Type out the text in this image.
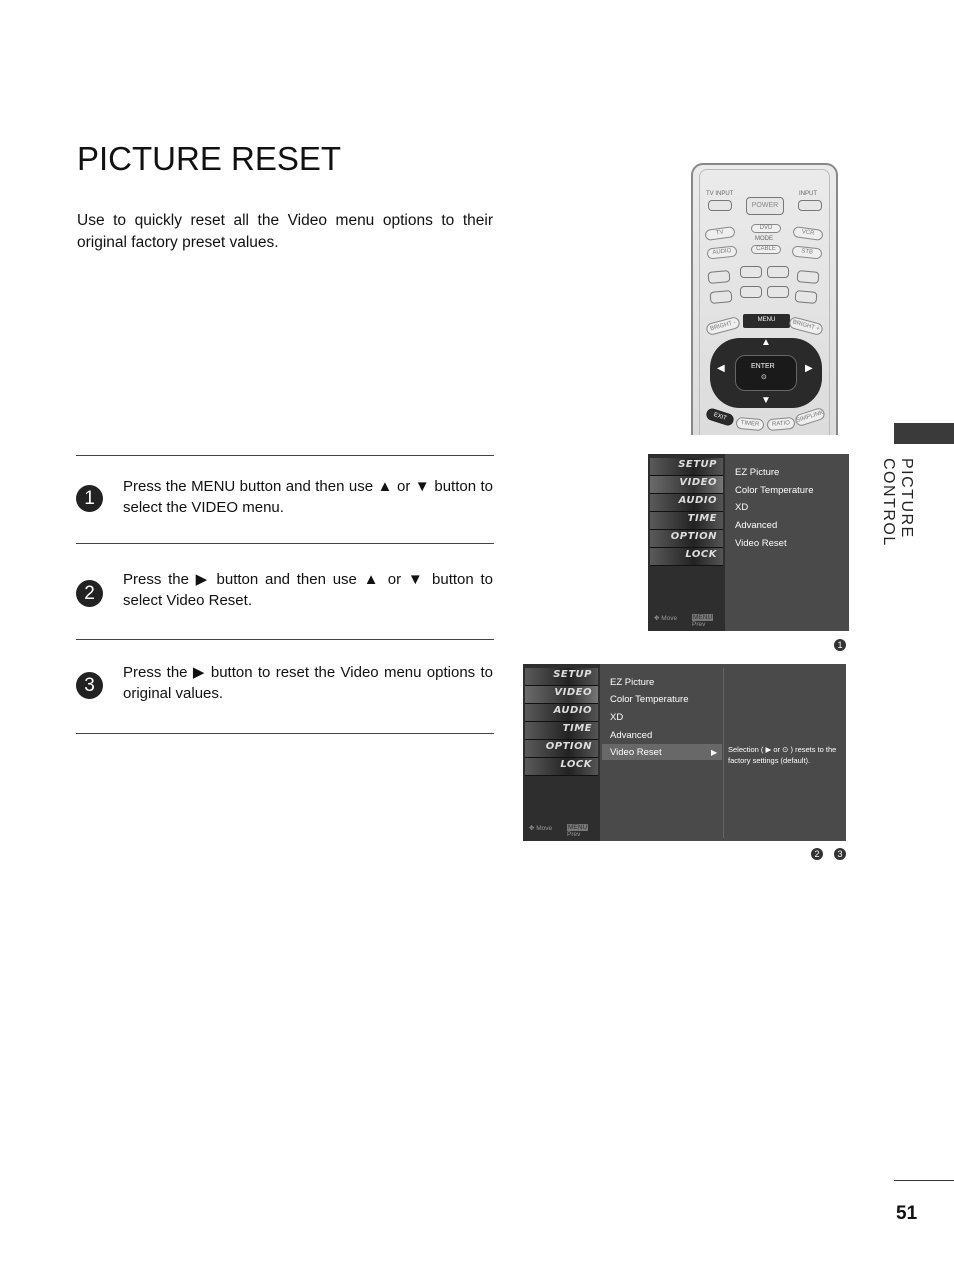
PICTURE RESET
Use to quickly reset all the Video menu options to their original factory preset values.
1
Press the MENU button and then use ▲ or ▼ button to select the VIDEO menu.
2
Press the ▶ button and then use ▲ or ▼ button to select Video Reset.
3
Press the ▶ button to reset the Video menu options to original values.
PICTURE CONTROL
51
TV INPUT	INPUT
POWER
TV
DVD
VCR
MODE
AUDIO	CABLE	STB
BRIGHT -	MENU	BRIGHT +
▲
▼
◀	▶
ENTER
⊙
EXIT
TIMER	RATIO SIMPLINK
SETUP
VIDEO
AUDIO
TIME
OPTION
LOCK
✥ Move MENU Prev
EZ Picture
Color Temperature
XD
Advanced
Video Reset
1
SETUP
VIDEO
AUDIO
TIME
OPTION
LOCK
✥ Move MENU Prev
EZ Picture
Color Temperature
XD
Advanced
Video Reset	▶ Selection ( ▶ or ⊙ ) resets to the factory settings (default).
2	3
